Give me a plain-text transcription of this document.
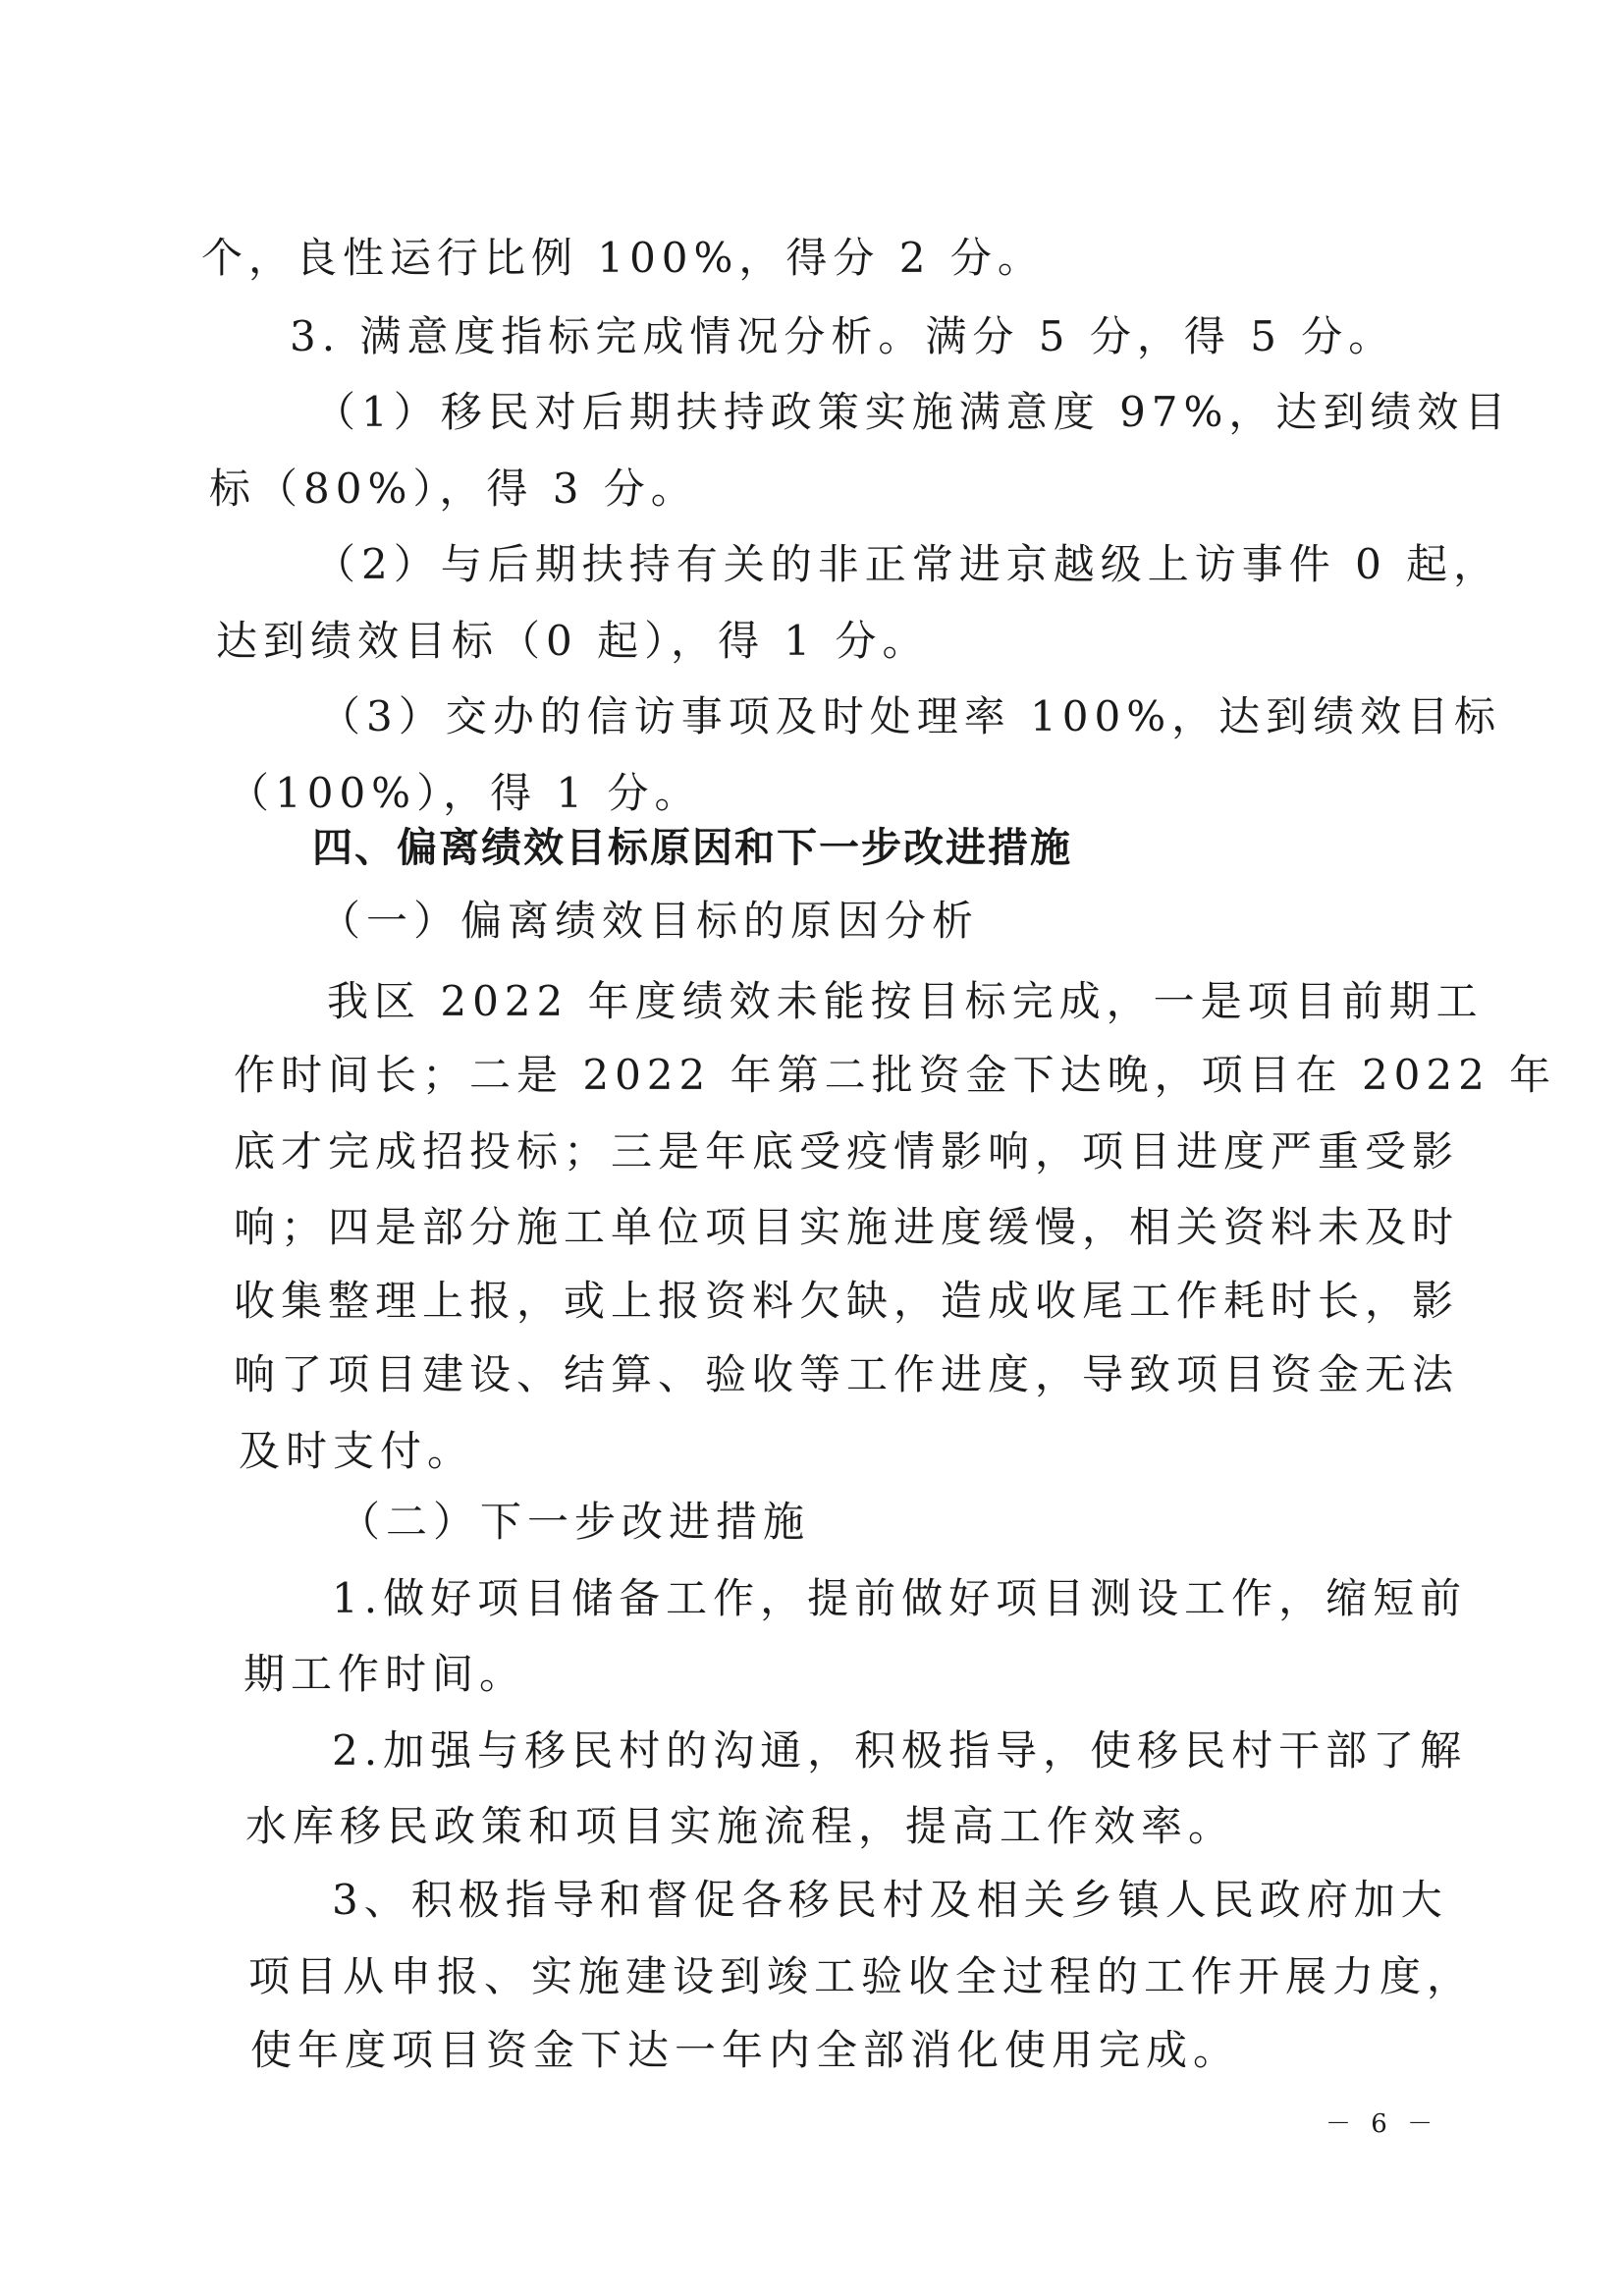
个，良性运行比例 100%，得分 2 分。
3. 满意度指标完成情况分析。满分 5 分，得 5 分。
（1）移民对后期扶持政策实施满意度 97%，达到绩效目
标（80%），得 3 分。
（2）与后期扶持有关的非正常进京越级上访事件 0 起，
达到绩效目标（0 起），得 1 分。
（3）交办的信访事项及时处理率 100%，达到绩效目标
（100%），得 1 分。
四、偏离绩效目标原因和下一步改进措施
（一）偏离绩效目标的原因分析
我区 2022 年度绩效未能按目标完成，一是项目前期工
作时间长；二是 2022 年第二批资金下达晚，项目在 2022 年
底才完成招投标；三是年底受疫情影响，项目进度严重受影
响；四是部分施工单位项目实施进度缓慢，相关资料未及时
收集整理上报，或上报资料欠缺，造成收尾工作耗时长，影
响了项目建设、结算、验收等工作进度，导致项目资金无法
及时支付。
（二）下一步改进措施
1.做好项目储备工作，提前做好项目测设工作，缩短前
期工作时间。
2.加强与移民村的沟通，积极指导，使移民村干部了解
水库移民政策和项目实施流程，提高工作效率。
3、积极指导和督促各移民村及相关乡镇人民政府加大
项目从申报、实施建设到竣工验收全过程的工作开展力度，
使年度项目资金下达一年内全部消化使用完成。
－ 6 －
